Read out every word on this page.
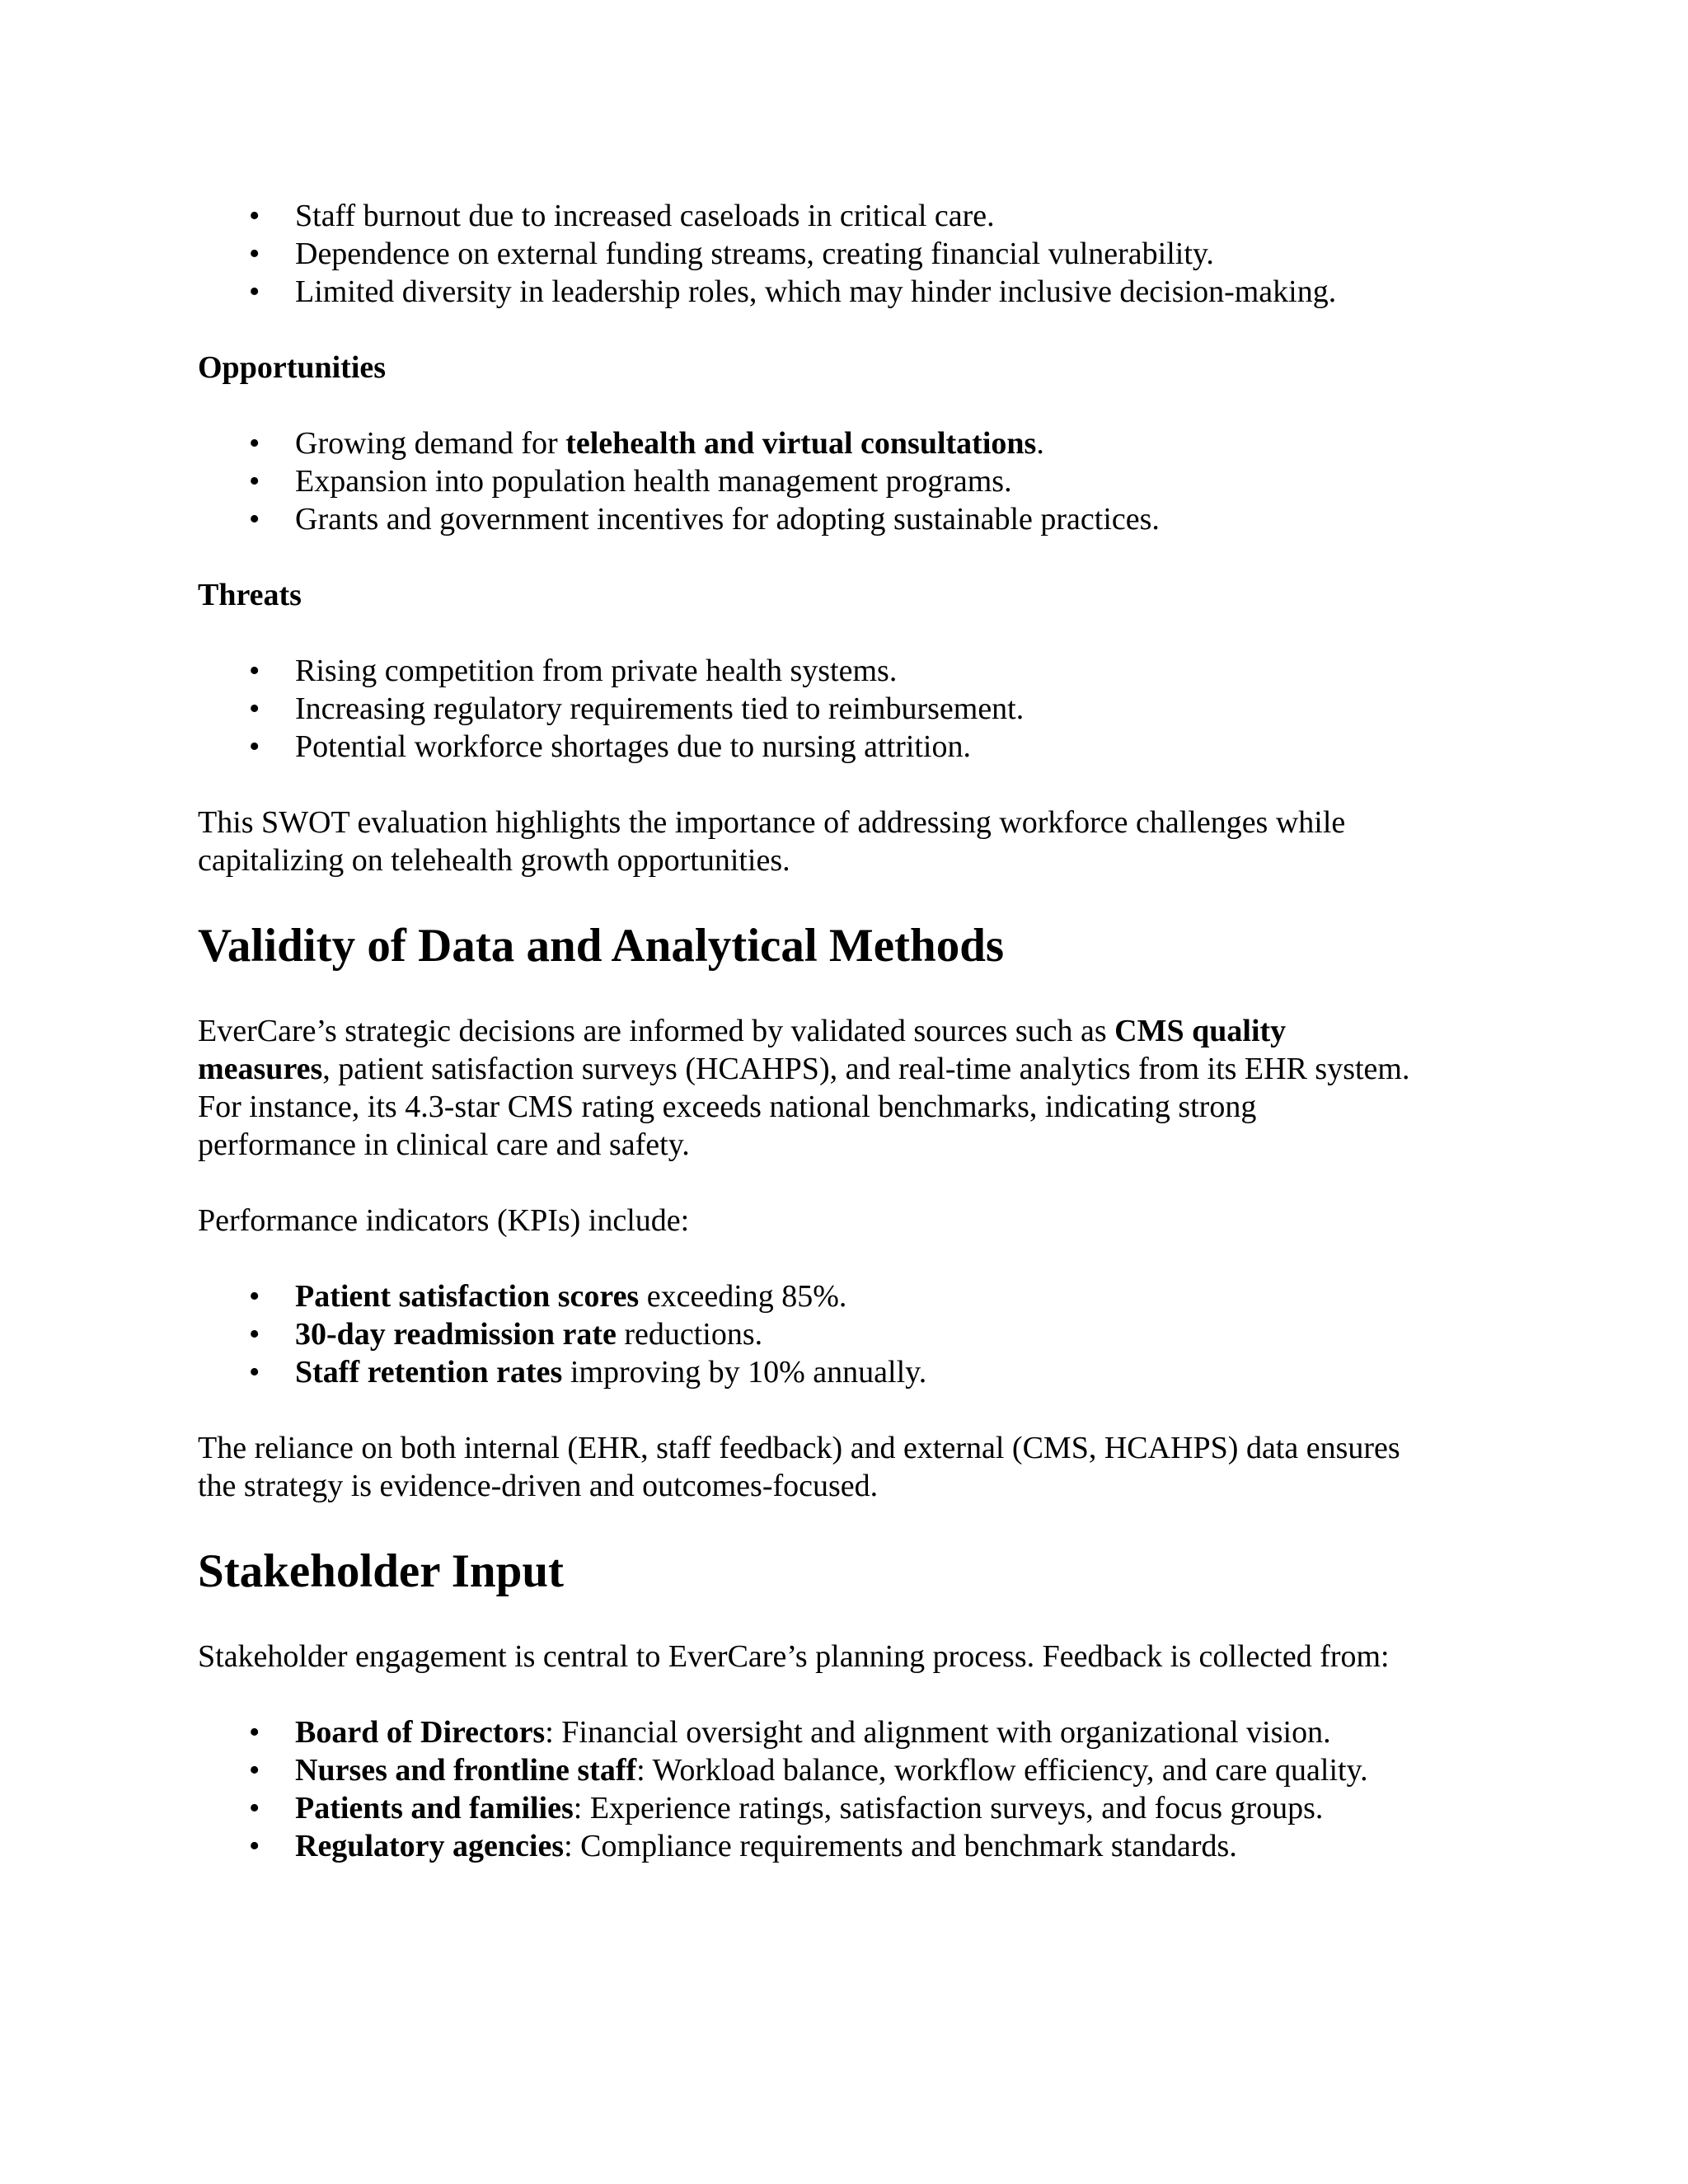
• Staff burnout due to increased caseloads in critical care.
• Dependence on external funding streams, creating financial vulnerability.
• Limited diversity in leadership roles, which may hinder inclusive decision-making.

Opportunities

• Growing demand for telehealth and virtual consultations.
• Expansion into population health management programs.
• Grants and government incentives for adopting sustainable practices.

Threats

• Rising competition from private health systems.
• Increasing regulatory requirements tied to reimbursement.
• Potential workforce shortages due to nursing attrition.
This SWOT evaluation highlights the importance of addressing workforce challenges while
capitalizing on telehealth growth opportunities.
Validity of Data and Analytical Methods
EverCare’s strategic decisions are informed by validated sources such as CMS quality
measures, patient satisfaction surveys (HCAHPS), and real-time analytics from its EHR system.
For instance, its 4.3-star CMS rating exceeds national benchmarks, indicating strong
performance in clinical care and safety.

Performance indicators (KPIs) include:

• Patient satisfaction scores exceeding 85%.
• 30-day readmission rate reductions.
• Staff retention rates improving by 10% annually.
The reliance on both internal (EHR, staff feedback) and external (CMS, HCAHPS) data ensures
the strategy is evidence-driven and outcomes-focused.
Stakeholder Input

Stakeholder engagement is central to EverCare’s planning process. Feedback is collected from:

• Board of Directors: Financial oversight and alignment with organizational vision.
• Nurses and frontline staff: Workload balance, workflow efficiency, and care quality.
• Patients and families: Experience ratings, satisfaction surveys, and focus groups.
• Regulatory agencies: Compliance requirements and benchmark standards.
